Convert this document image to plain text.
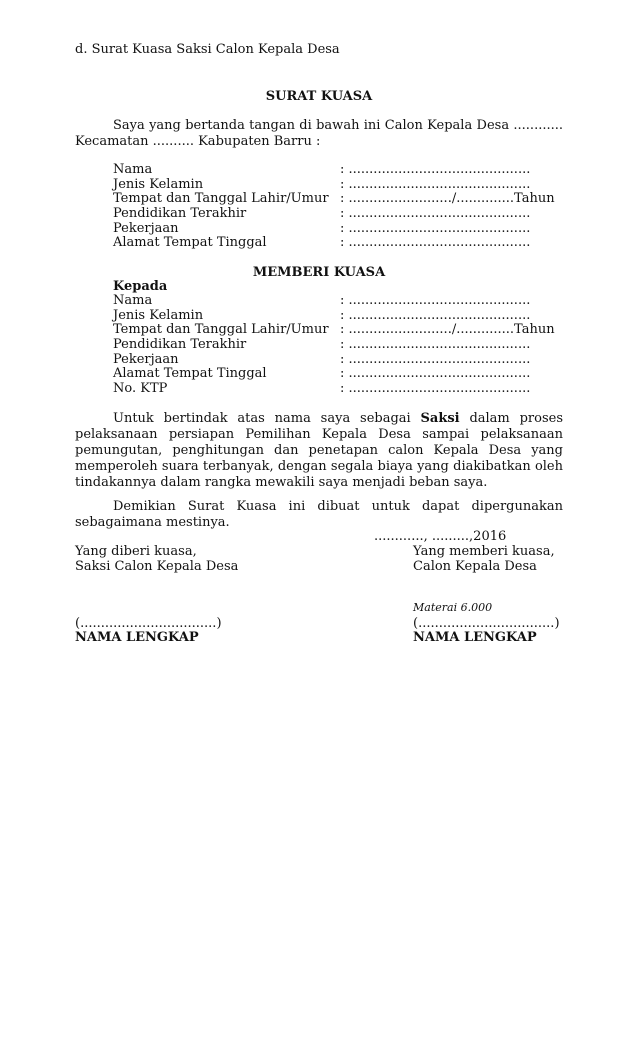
d. Surat Kuasa Saksi Calon Kepala Desa
SURAT KUASA
Saya yang bertanda tangan di bawah ini Calon Kepala Desa ............ Kecamatan .......... Kabupaten Barru :
Nama	: ............................................
Jenis Kelamin	: ............................................
Tempat dan Tanggal Lahir/Umur : ........................./..............Tahun
Pendidikan Terakhir	: ............................................
Pekerjaan	: ............................................
Alamat Tempat Tinggal	: ............................................
MEMBERI KUASA
Kepada
Nama	: ............................................
Jenis Kelamin	: ............................................
Tempat dan Tanggal Lahir/Umur : ........................./..............Tahun
Pendidikan Terakhir	: ............................................
Pekerjaan	: ............................................
Alamat Tempat Tinggal	: ............................................
No. KTP	: ............................................
Untuk bertindak atas nama saya sebagai Saksi dalam proses pelaksanaan persiapan Pemilihan Kepala Desa sampai pelaksanaan pemungutan, penghitungan dan penetapan calon Kepala Desa yang memperoleh suara terbanyak, dengan segala biaya yang diakibatkan oleh tindakannya dalam rangka mewakili saya menjadi beban saya.
Demikian Surat Kuasa ini dibuat untuk dapat dipergunakan sebagaimana mestinya.
............, .........,2016
Yang diberi kuasa,
Saksi Calon Kepala Desa
(.................................)
NAMA LENGKAP
Yang memberi kuasa,
Calon Kepala Desa
Materai 6.000
(.................................)
NAMA LENGKAP
